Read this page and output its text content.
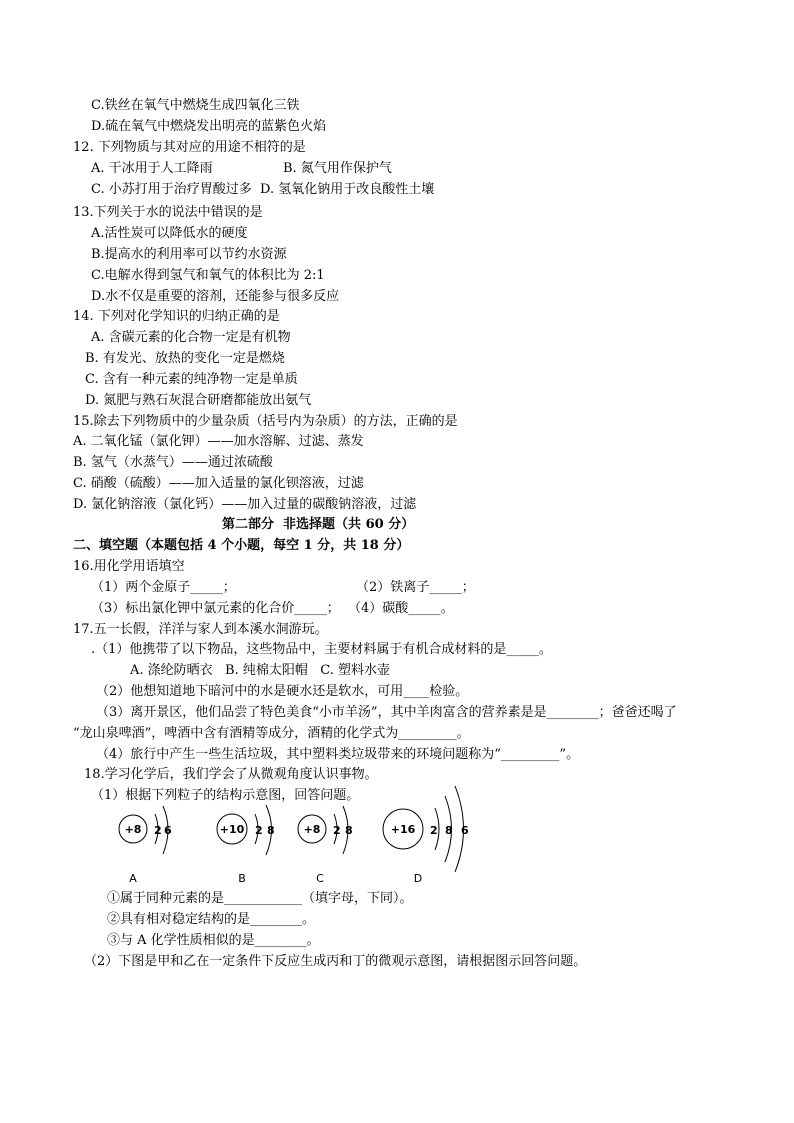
C.铁丝在氧气中燃烧生成四氧化三铁
D.硫在氧气中燃烧发出明亮的蓝紫色火焰
12. 下列物质与其对应的用途不相符的是
A. 干冰用于人工降雨	B. 氮气用作保护气
C. 小苏打用于治疗胃酸过多  D. 氢氧化钠用于改良酸性土壤
13.下列关于水的说法中错误的是
A.活性炭可以降低水的硬度
B.提高水的利用率可以节约水资源
C.电解水得到氢气和氧气的体积比为 2:1
D.水不仅是重要的溶剂，还能参与很多反应
14. 下列对化学知识的归纳正确的是
A. 含碳元素的化合物一定是有机物
B. 有发光、放热的变化一定是燃烧
C. 含有一种元素的纯净物一定是单质
D. 氮肥与熟石灰混合研磨都能放出氨气
15.除去下列物质中的少量杂质（括号内为杂质）的方法，正确的是
A. 二氧化锰（氯化钾）——加水溶解、过滤、蒸发
B. 氢气（水蒸气）——通过浓硫酸
C. 硝酸（硫酸）——加入适量的氯化钡溶液，过滤
D. 氯化钠溶液（氯化钙）——加入过量的碳酸钠溶液，过滤
第二部分  非选择题（共 60 分）
二、填空题（本题包括 4 个小题，每空 1 分，共 18 分）
16.用化学用语填空
（1）两个金原子_____；	（2）铁离子_____；
（3）标出氯化钾中氯元素的化合价_____；  （4）碳酸_____。
17.五一长假，洋洋与家人到本溪水洞游玩。
.（1）他携带了以下物品，这些物品中，主要材料属于有机合成材料的是_____。
A. 涤纶防晒衣   B. 纯棉太阳帽   C. 塑料水壶
（2）他想知道地下暗河中的水是硬水还是软水，可用____检验。
（3）离开景区，他们品尝了特色美食“小市羊汤”，其中羊肉富含的营养素是是________；爸爸还喝了
“龙山泉啤酒”，啤酒中含有酒精等成分，酒精的化学式为_________。
（4）旅行中产生一些生活垃圾，其中塑料类垃圾带来的环境问题称为“_________”。
18.学习化学后，我们学会了从微观角度认识事物。
（1）根据下列粒子的结构示意图，回答问题。
+8 2 6
A
+10 2 8
B
+8 2 8
C
+16 2 8 6
D
①属于同种元素的是____________（填字母，下同）。
②具有相对稳定结构的是________。
③与 A 化学性质相似的是________。
（2）下图是甲和乙在一定条件下反应生成丙和丁的微观示意图，请根据图示回答问题。
